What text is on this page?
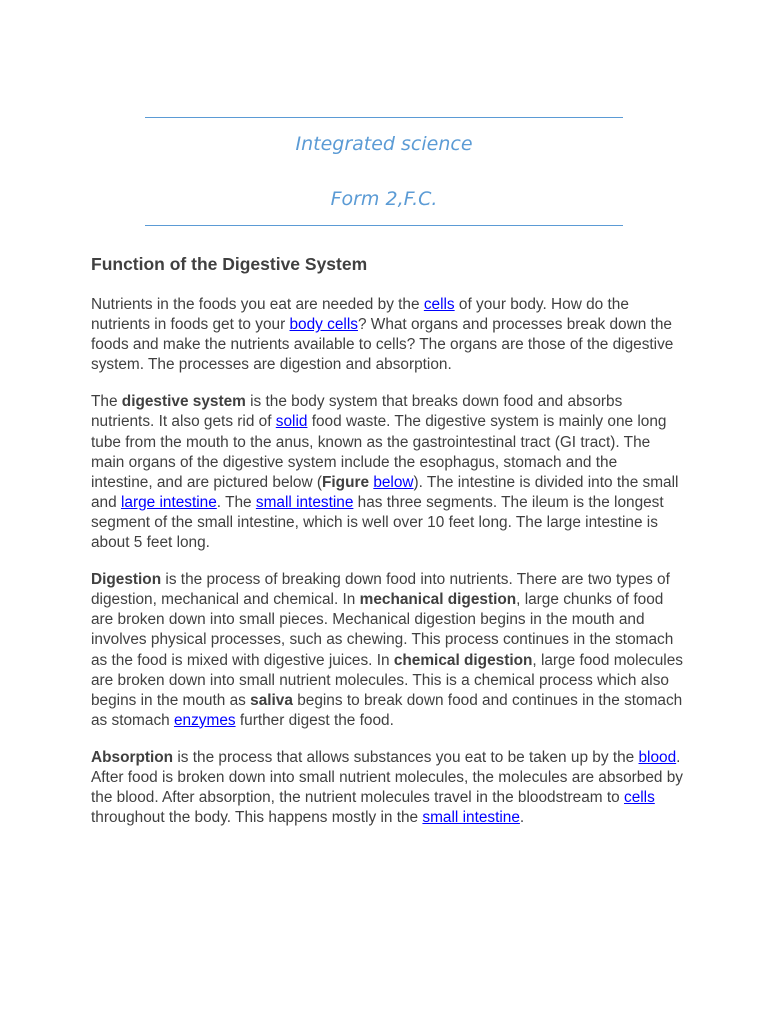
Integrated science
Form 2,F.C.
Function of the Digestive System

Nutrients in the foods you eat are needed by the cells of your body. How do the nutrients in foods get to your body cells? What organs and processes break down the foods and make the nutrients available to cells? The organs are those of the digestive system. The processes are digestion and absorption.

The digestive system is the body system that breaks down food and absorbs nutrients. It also gets rid of solid food waste. The digestive system is mainly one long tube from the mouth to the anus, known as the gastrointestinal tract (GI tract). The main organs of the digestive system include the esophagus, stomach and the intestine, and are pictured below (Figure below). The intestine is divided into the small and large intestine. The small intestine has three segments. The ileum is the longest segment of the small intestine, which is well over 10 feet long. The large intestine is about 5 feet long.

Digestion is the process of breaking down food into nutrients. There are two types of digestion, mechanical and chemical. In mechanical digestion, large chunks of food are broken down into small pieces. Mechanical digestion begins in the mouth and involves physical processes, such as chewing. This process continues in the stomach as the food is mixed with digestive juices. In chemical digestion, large food molecules are broken down into small nutrient molecules. This is a chemical process which also begins in the mouth as saliva begins to break down food and continues in the stomach as stomach enzymes further digest the food.

Absorption is the process that allows substances you eat to be taken up by the blood. After food is broken down into small nutrient molecules, the molecules are absorbed by the blood. After absorption, the nutrient molecules travel in the bloodstream to cells throughout the body. This happens mostly in the small intestine.
